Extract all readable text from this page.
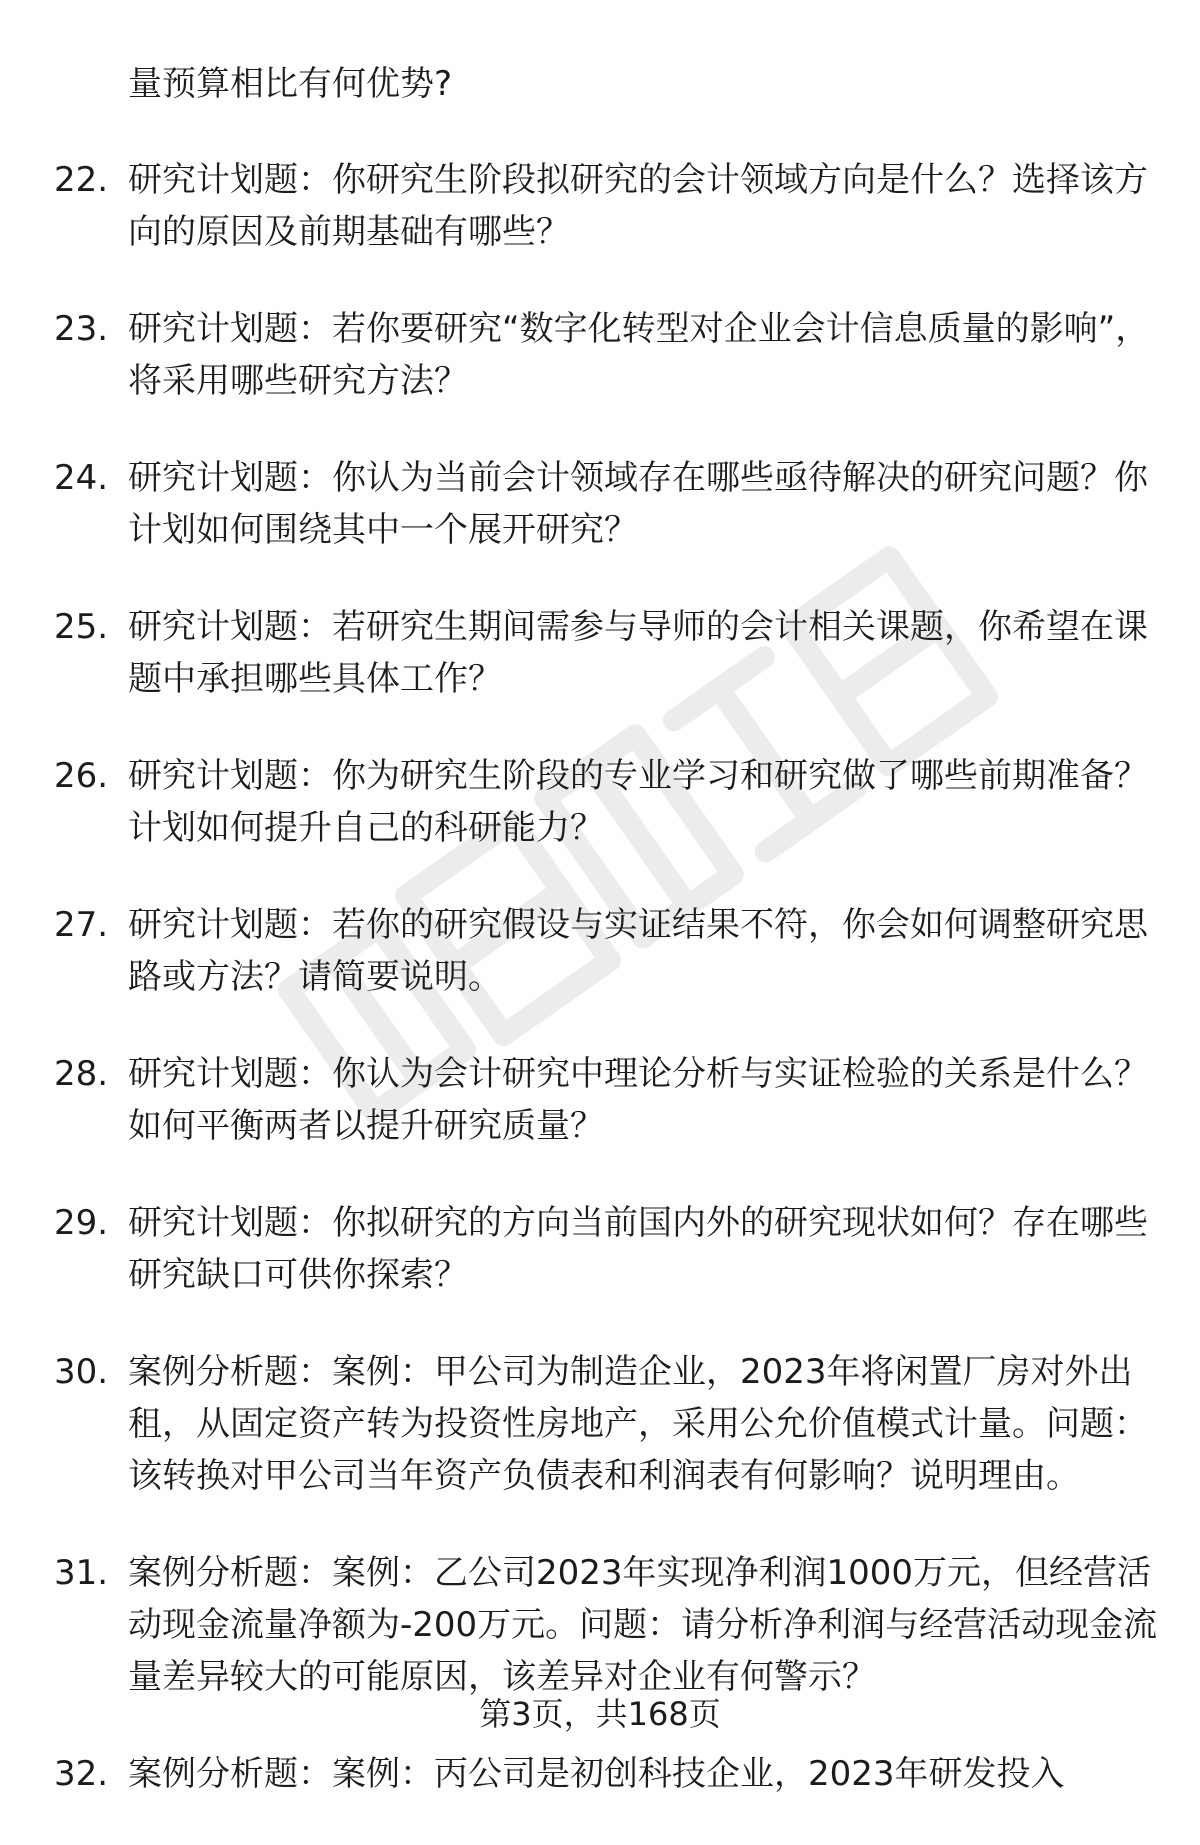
量预算相比有何优势?
22. 研究计划题：你研究生阶段拟研究的会计领域方向是什么？选择该方向的原因及前期基础有哪些？
23. 研究计划题：若你要研究“数字化转型对企业会计信息质量的影响”，将采用哪些研究方法？
24. 研究计划题：你认为当前会计领域存在哪些亟待解决的研究问题？你计划如何围绕其中一个展开研究？
25. 研究计划题：若研究生期间需参与导师的会计相关课题，你希望在课题中承担哪些具体工作？
26. 研究计划题：你为研究生阶段的专业学习和研究做了哪些前期准备？计划如何提升自己的科研能力？
27. 研究计划题：若你的研究假设与实证结果不符，你会如何调整研究思路或方法？请简要说明。
28. 研究计划题：你认为会计研究中理论分析与实证检验的关系是什么？如何平衡两者以提升研究质量？
29. 研究计划题：你拟研究的方向当前国内外的研究现状如何？存在哪些研究缺口可供你探索？
30. 案例分析题：案例：甲公司为制造企业，2023年将闲置厂房对外出租，从固定资产转为投资性房地产，采用公允价值模式计量。问题：该转换对甲公司当年资产负债表和利润表有何影响？说明理由。
31. 案例分析题：案例：乙公司2023年实现净利润1000万元，但经营活动现金流量净额为-200万元。问题：请分析净利润与经营活动现金流量差异较大的可能原因，该差异对企业有何警示？
32. 案例分析题：案例：丙公司是初创科技企业，2023年研发投入
第3页，共168页
